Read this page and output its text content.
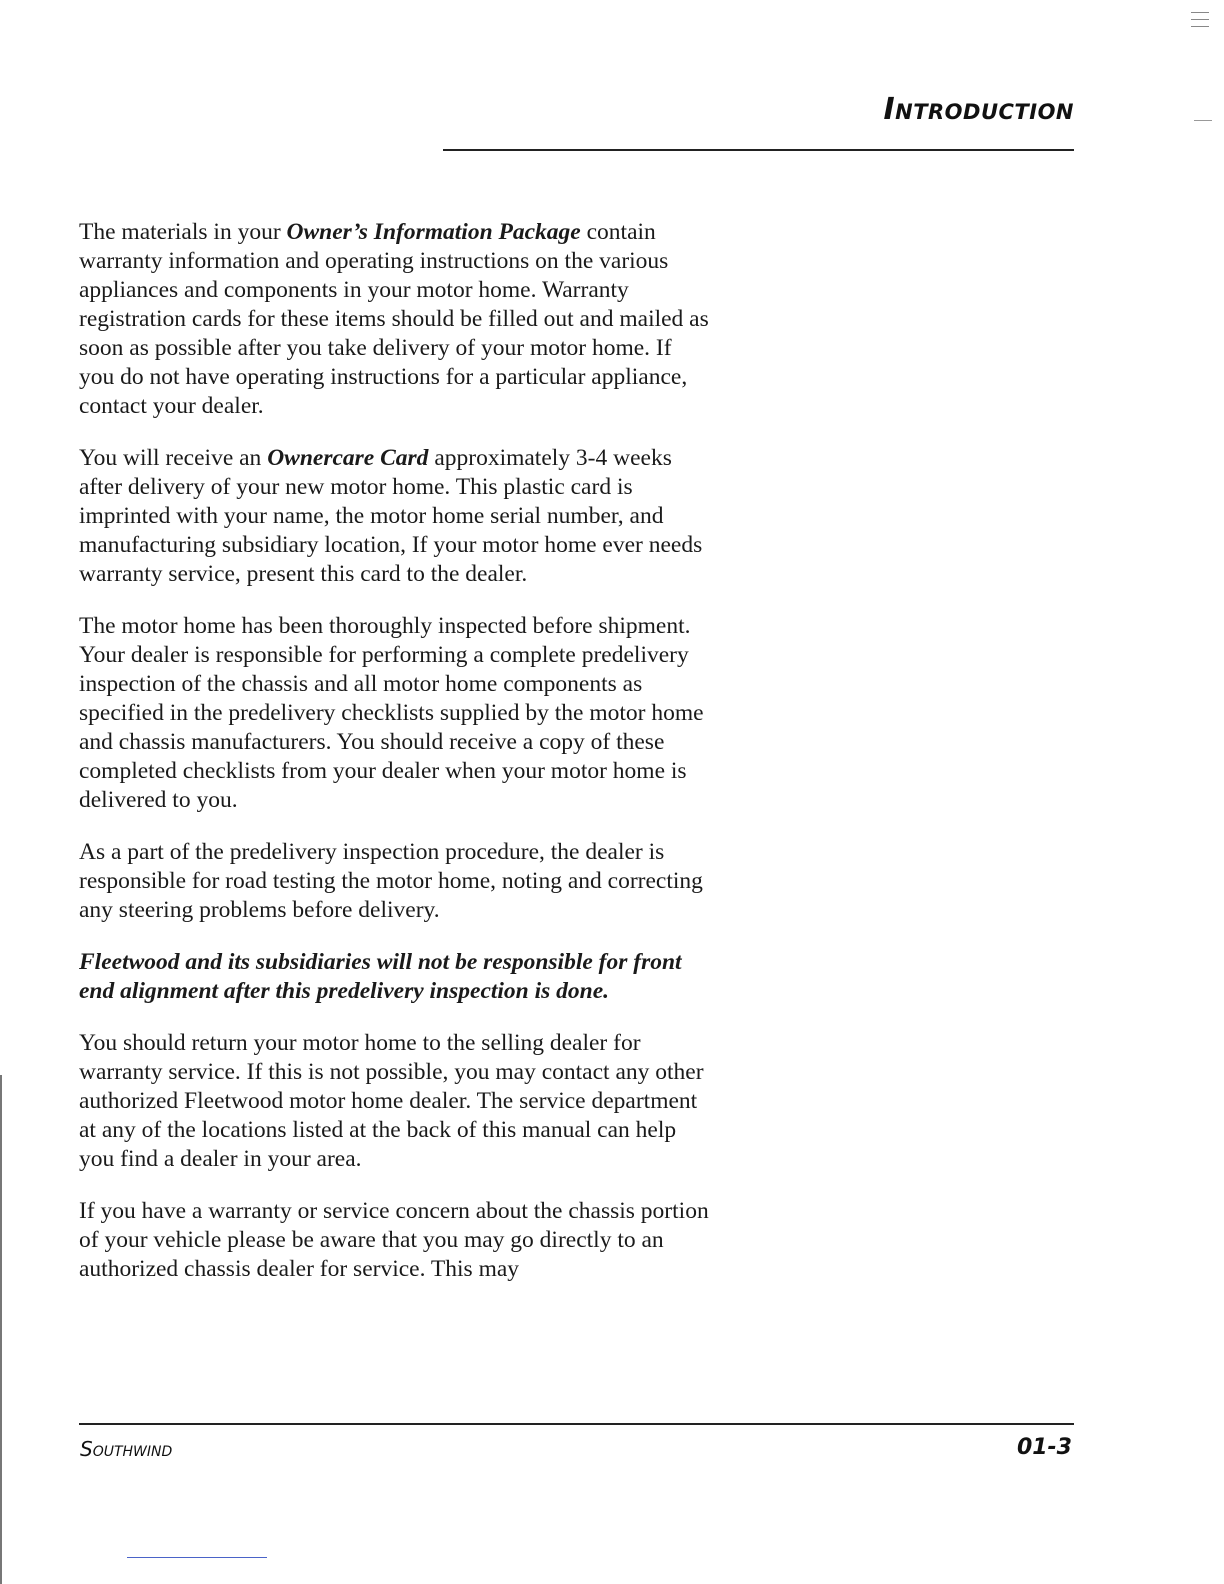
Introduction

The materials in your Owner’s Information Package contain warranty information and operating instructions on the various appliances and components in your motor home. Warranty registration cards for these items should be filled out and mailed as soon as possible after you take delivery of your motor home. If you do not have operating instructions for a particular appliance, contact your dealer.

You will receive an Ownercare Card approximately 3-4 weeks after delivery of your new motor home. This plastic card is imprinted with your name, the motor home serial number, and manufacturing subsidiary location, If your motor home ever needs warranty service, present this card to the dealer.

The motor home has been thoroughly inspected before shipment. Your dealer is responsible for performing a complete predelivery inspection of the chassis and all motor home components as specified in the predelivery checklists supplied by the motor home and chassis manufacturers. You should receive a copy of these completed checklists from your dealer when your motor home is delivered to you.

As a part of the predelivery inspection procedure, the dealer is responsible for road testing the motor home, noting and correcting any steering problems before delivery.

Fleetwood and its subsidiaries will not be responsible for front end alignment after this predelivery inspection is done.

You should return your motor home to the selling dealer for warranty service. If this is not possible, you may contact any other authorized Fleetwood motor home dealer. The service department at any of the locations listed at the back of this manual can help you find a dealer in your area.

If you have a warranty or service concern about the chassis portion of your vehicle please be aware that you may go directly to an authorized chassis dealer for service. This may

Southwind	01-3
